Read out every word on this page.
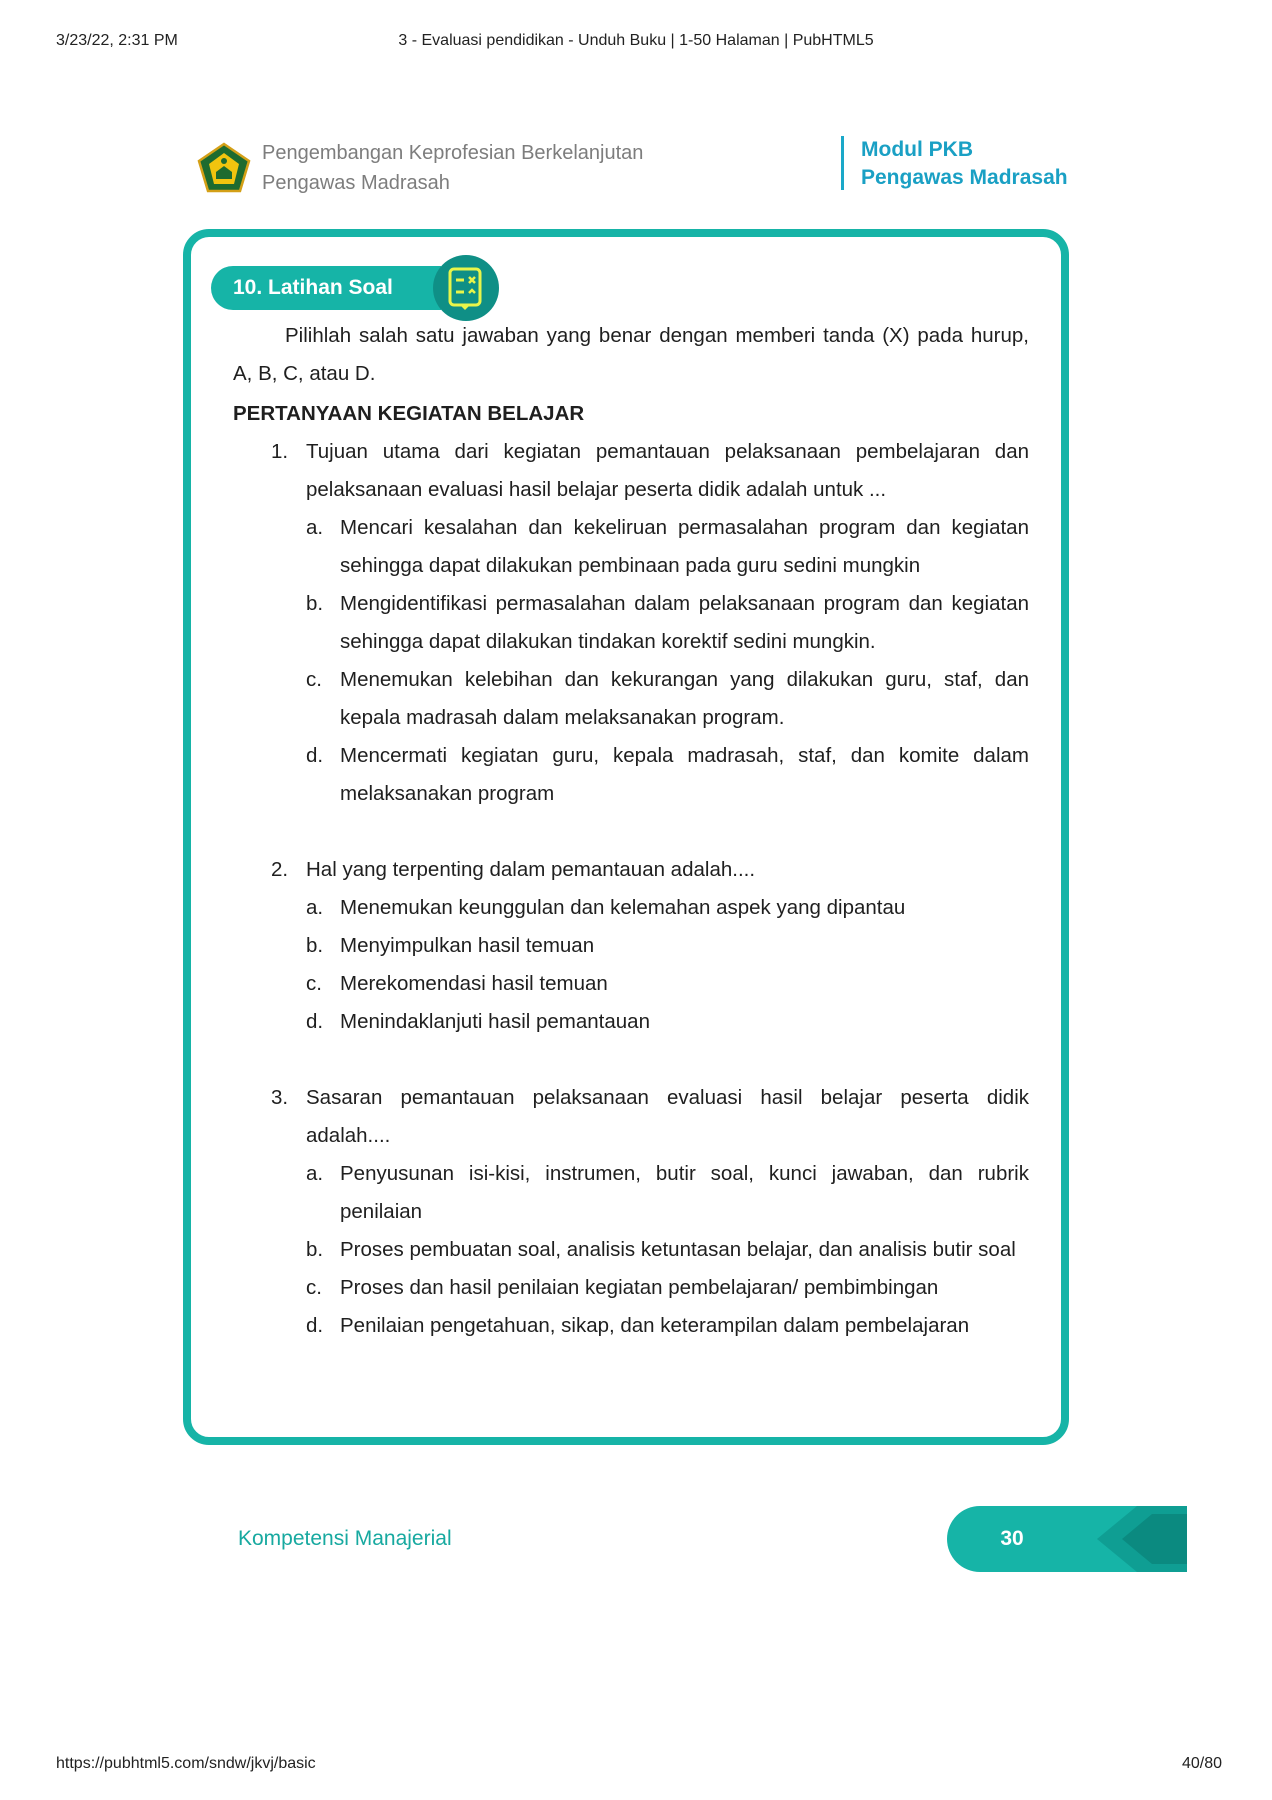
3/23/22, 2:31 PM	3 - Evaluasi pendidikan - Unduh Buku | 1-50 Halaman | PubHTML5
Pengembangan Keprofesian Berkelanjutan
Pengawas Madrasah
Modul PKB
Pengawas Madrasah
10. Latihan Soal

Pilihlah salah satu jawaban yang benar dengan memberi tanda (X) pada hurup, A, B, C, atau D.

PERTANYAAN KEGIATAN BELAJAR
1. Tujuan utama dari kegiatan pemantauan pelaksanaan pembelajaran dan pelaksanaan evaluasi hasil belajar peserta didik adalah untuk ...
a. Mencari kesalahan dan kekeliruan permasalahan program dan kegiatan sehingga dapat dilakukan pembinaan pada guru sedini mungkin
b. Mengidentifikasi permasalahan dalam pelaksanaan program dan kegiatan sehingga dapat dilakukan tindakan korektif sedini mungkin.
c. Menemukan kelebihan dan kekurangan yang dilakukan guru, staf, dan kepala madrasah dalam melaksanakan program.
d. Mencermati kegiatan guru, kepala madrasah, staf, dan komite dalam melaksanakan program
2. Hal yang terpenting dalam pemantauan adalah....
a. Menemukan keunggulan dan kelemahan aspek yang dipantau
b. Menyimpulkan hasil temuan
c. Merekomendasi hasil temuan
d. Menindaklanjuti hasil pemantauan
3. Sasaran pemantauan pelaksanaan evaluasi hasil belajar peserta didik adalah....
a. Penyusunan isi-kisi, instrumen, butir soal, kunci jawaban, dan rubrik penilaian
b. Proses pembuatan soal, analisis ketuntasan belajar, dan analisis butir soal
c. Proses dan hasil penilaian kegiatan pembelajaran/ pembimbingan
d. Penilaian pengetahuan, sikap, dan keterampilan dalam pembelajaran
Kompetensi Manajerial	30
https://pubhtml5.com/sndw/jkvj/basic	40/80
